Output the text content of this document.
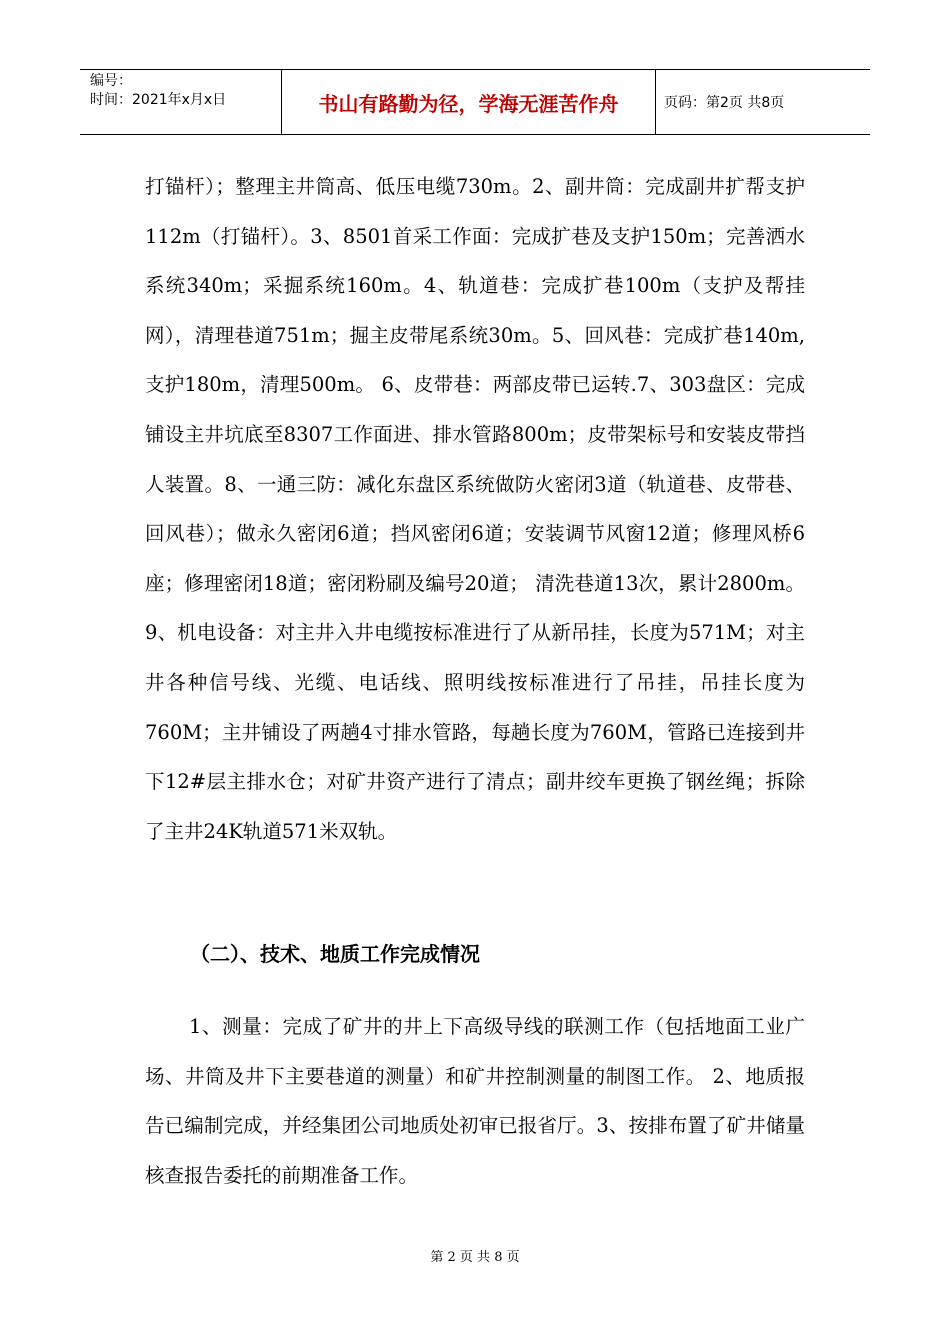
编号：
时间：2021年x月x日	书山有路勤为径，学海无涯苦作舟	页码：第2页 共8页
打锚杆）；整理主井筒高、低压电缆730m。2、副井筒：完成副井扩帮支护112m（打锚杆）。3、8501首采工作面：完成扩巷及支护150m；完善洒水系统340m；采掘系统160m。4、轨道巷：完成扩巷100m（支护及帮挂网），清理巷道751m；掘主皮带尾系统30m。5、回风巷：完成扩巷140m,支护180m，清理500m。 6、皮带巷：两部皮带已运转.7、303盘区：完成铺设主井坑底至8307工作面进、排水管路800m；皮带架标号和安装皮带挡人装置。8、一通三防：减化东盘区系统做防火密闭3道（轨道巷、皮带巷、回风巷）；做永久密闭6道；挡风密闭6道；安装调节风窗12道；修理风桥6座；修理密闭18道；密闭粉刷及编号20道； 清洗巷道13次，累计2800m。9、机电设备：对主井入井电缆按标准进行了从新吊挂，长度为571M；对主井各种信号线、光缆、电话线、照明线按标准进行了吊挂，吊挂长度为760M；主井铺设了两趟4寸排水管路，每趟长度为760M，管路已连接到井下12#层主排水仓；对矿井资产进行了清点；副井绞车更换了钢丝绳；拆除了主井24K轨道571米双轨。
（二）、技术、地质工作完成情况
1、测量：完成了矿井的井上下高级导线的联测工作（包括地面工业广场、井筒及井下主要巷道的测量）和矿井控制测量的制图工作。 2、地质报告已编制完成，并经集团公司地质处初审已报省厅。3、按排布置了矿井储量核查报告委托的前期准备工作。
第 2 页 共 8 页
